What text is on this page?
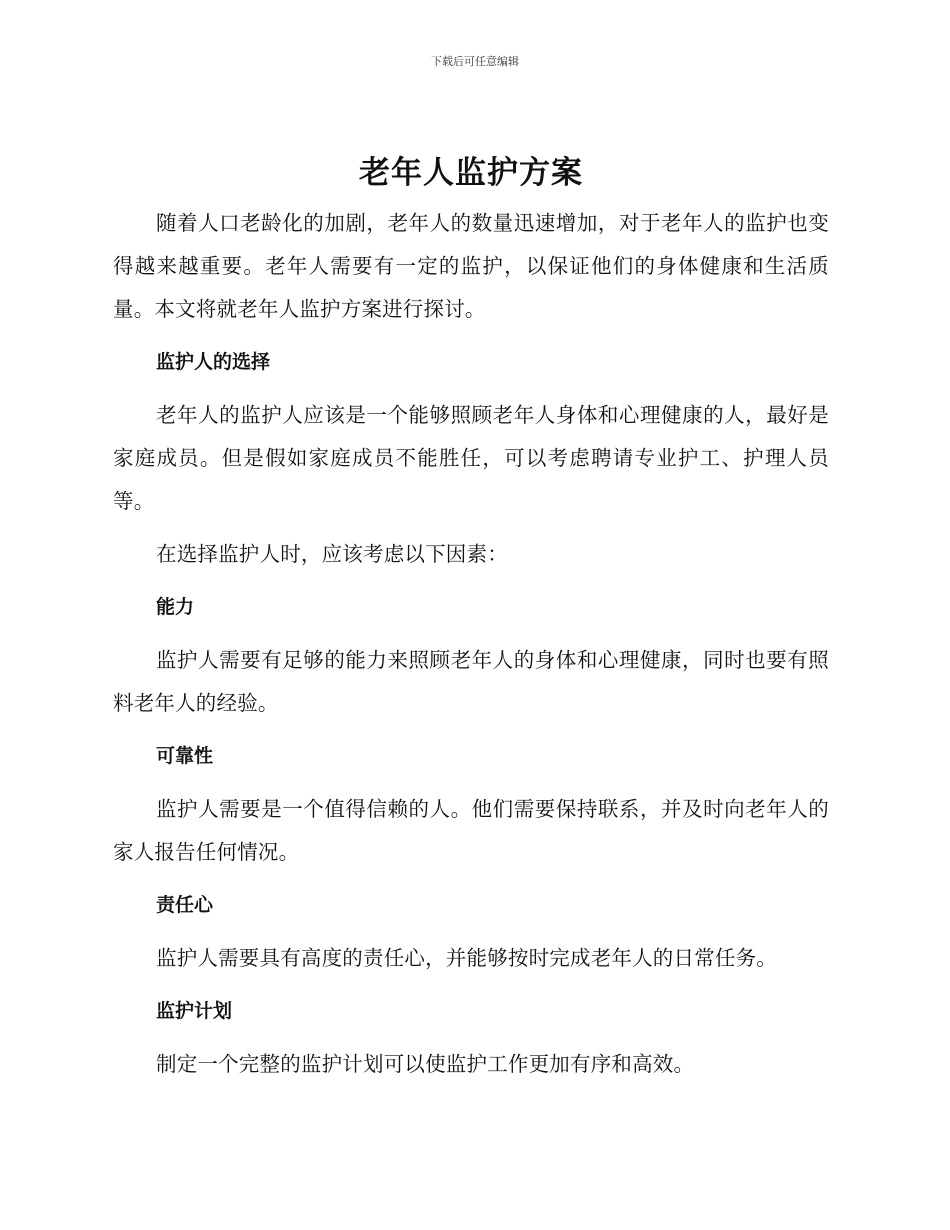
下载后可任意编辑
老年人监护方案

随着人口老龄化的加剧，老年人的数量迅速增加，对于老年人的监护也变得越来越重要。老年人需要有一定的监护，以保证他们的身体健康和生活质量。本文将就老年人监护方案进行探讨。

监护人的选择

老年人的监护人应该是一个能够照顾老年人身体和心理健康的人，最好是家庭成员。但是假如家庭成员不能胜任，可以考虑聘请专业护工、护理人员等。

在选择监护人时，应该考虑以下因素：

能力

监护人需要有足够的能力来照顾老年人的身体和心理健康，同时也要有照料老年人的经验。

可靠性

监护人需要是一个值得信赖的人。他们需要保持联系，并及时向老年人的家人报告任何情况。

责任心

监护人需要具有高度的责任心，并能够按时完成老年人的日常任务。

监护计划

制定一个完整的监护计划可以使监护工作更加有序和高效。
